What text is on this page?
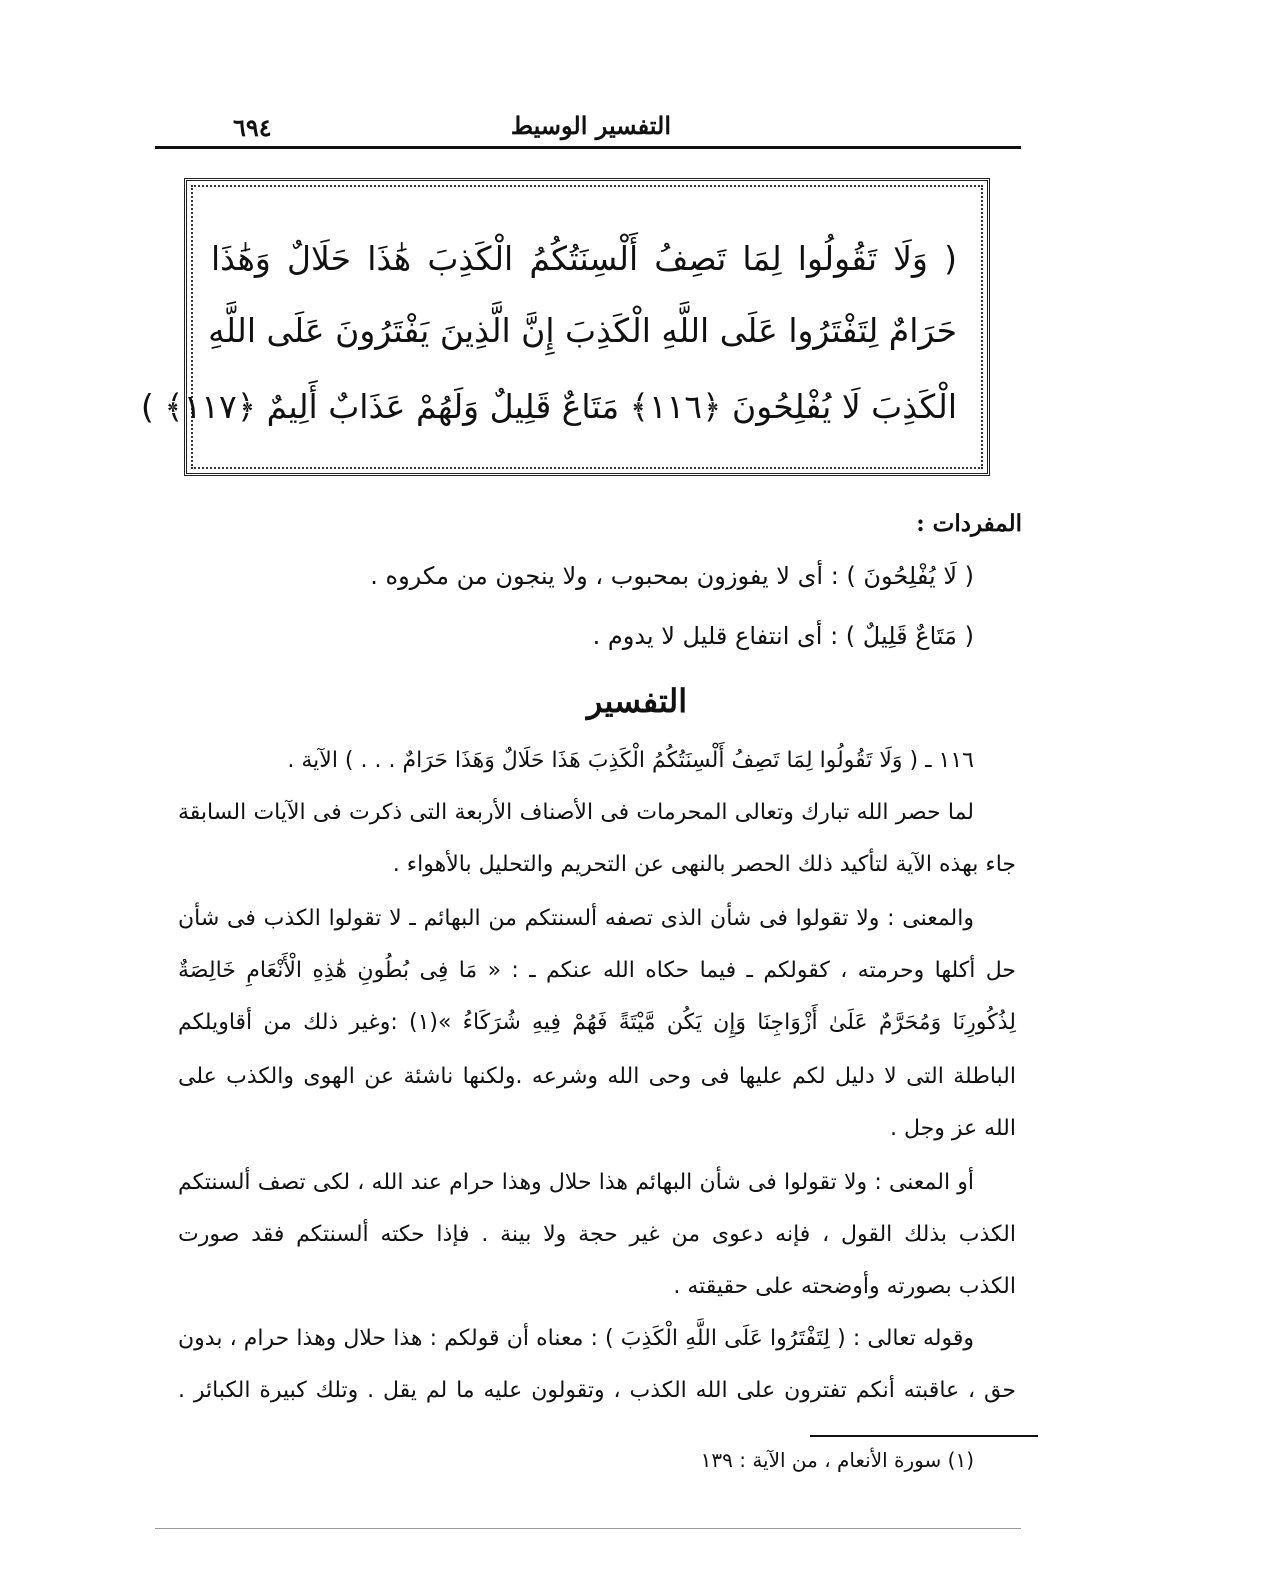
التفسير الوسيط
٦٩٤
( وَلَا تَقُولُوا لِمَا تَصِفُ أَلْسِنَتُكُمُ الْكَذِبَ هَٰذَا حَلَالٌ وَهَٰذَا
حَرَامٌ لِتَفْتَرُوا عَلَى اللَّهِ الْكَذِبَ إِنَّ الَّذِينَ يَفْتَرُونَ عَلَى اللَّهِ
الْكَذِبَ لَا يُفْلِحُونَ ﴿١١٦﴾ مَتَاعٌ قَلِيلٌ وَلَهُمْ عَذَابٌ أَلِيمٌ ﴿١١٧﴾ )
المفردات :
( لَا يُفْلِحُونَ ) : أى لا يفوزون بمحبوب ، ولا ينجون من مكروه .
( مَتَاعٌ قَلِيلٌ ) : أى انتفاع قليل لا يدوم .
التفسير
١١٦ ـ ( وَلَا تَقُولُوا لِمَا تَصِفُ أَلْسِنَتُكُمُ الْكَذِبَ هَذَا حَلَالٌ وَهَذَا حَرَامٌ . . . ) الآية .
لما حصر الله تبارك وتعالى المحرمات فى الأصناف الأربعة التى ذكرت فى الآيات السابقة
جاء بهذه الآية لتأكيد ذلك الحصر بالنهى عن التحريم والتحليل بالأهواء .
والمعنى : ولا تقولوا فى شأن الذى تصفه ألسنتكم من البهائم ـ لا تقولوا الكذب فى شأن
حل أكلها وحرمته ، كقولكم ـ فيما حكاه الله عنكم ـ : « مَا فِى بُطُونِ هَٰذِهِ الْأَنْعَامِ خَالِصَةٌ
لِذُكُورِنَا وَمُحَرَّمٌ عَلَىٰ أَزْوَاجِنَا وَإِن يَكُن مَّيْتَةً فَهُمْ فِيهِ شُرَكَاءُ »(١) :وغير ذلك من أقاويلكم
الباطلة التى لا دليل لكم عليها فى وحى الله وشرعه .ولكنها ناشئة عن الهوى والكذب على
الله عز وجل .
أو المعنى : ولا تقولوا فى شأن البهائم هذا حلال وهذا حرام عند الله ، لكى تصف ألسنتكم
الكذب بذلك القول ، فإنه دعوى من غير حجة ولا بينة . فإذا حكته ألسنتكم فقد صورت
الكذب بصورته وأوضحته على حقيقته .
وقوله تعالى : ( لِتَفْتَرُوا عَلَى اللَّهِ الْكَذِبَ ) : معناه أن قولكم : هذا حلال وهذا حرام ، بدون
حق ، عاقبته أنكم تفترون على الله الكذب ، وتقولون عليه ما لم يقل . وتلك كبيرة الكبائر .
(١) سورة الأنعام ، من الآية : ١٣٩
